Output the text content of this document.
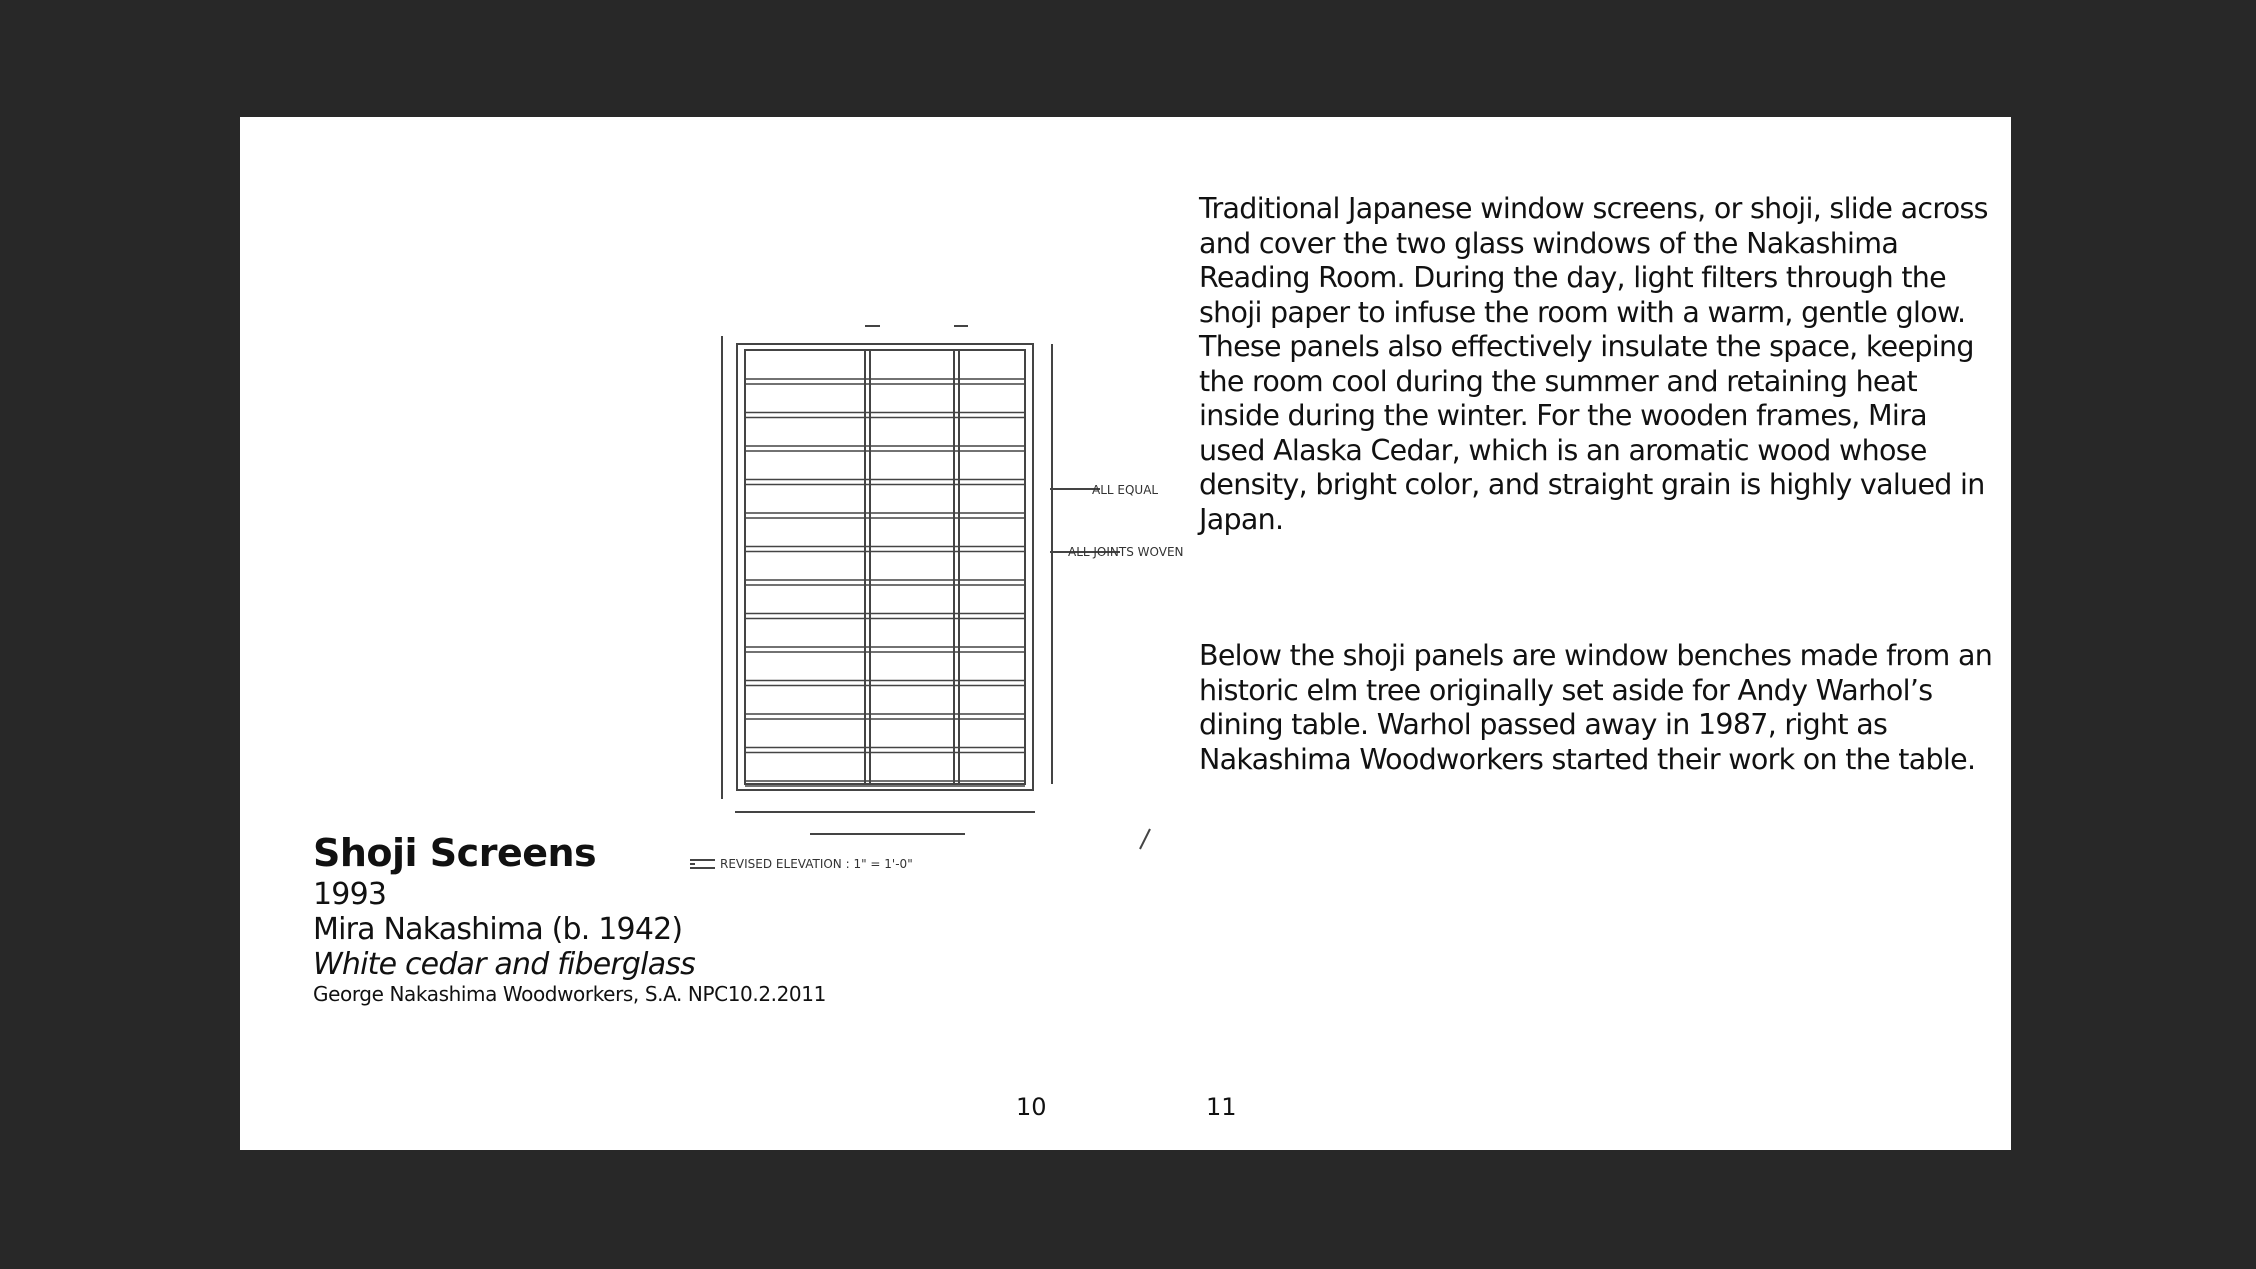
ALL JOINTS WOVEN
ALL EQUAL
REVISED ELEVATION : 1" = 1'-0"
Shoji Screens
1993
Mira Nakashima (b. 1942)
White cedar and fiberglass
George Nakashima Woodworkers, S.A. NPC10.2.2011
Traditional Japanese window screens, or shoji, slide across and cover the two glass windows of the Nakashima Reading Room. During the day, light filters through the shoji paper to infuse the room with a warm, gentle glow. These panels also effectively insulate the space, keeping the room cool during the summer and retaining heat inside during the winter. For the wooden frames, Mira used Alaska Cedar, which is an aromatic wood whose density, bright color, and straight grain is highly valued in Japan.
Below the shoji panels are window benches made from an historic elm tree originally set aside for Andy Warhol’s dining table. Warhol passed away in 1987, right as Nakashima Woodworkers started their work on the table.
10	11
